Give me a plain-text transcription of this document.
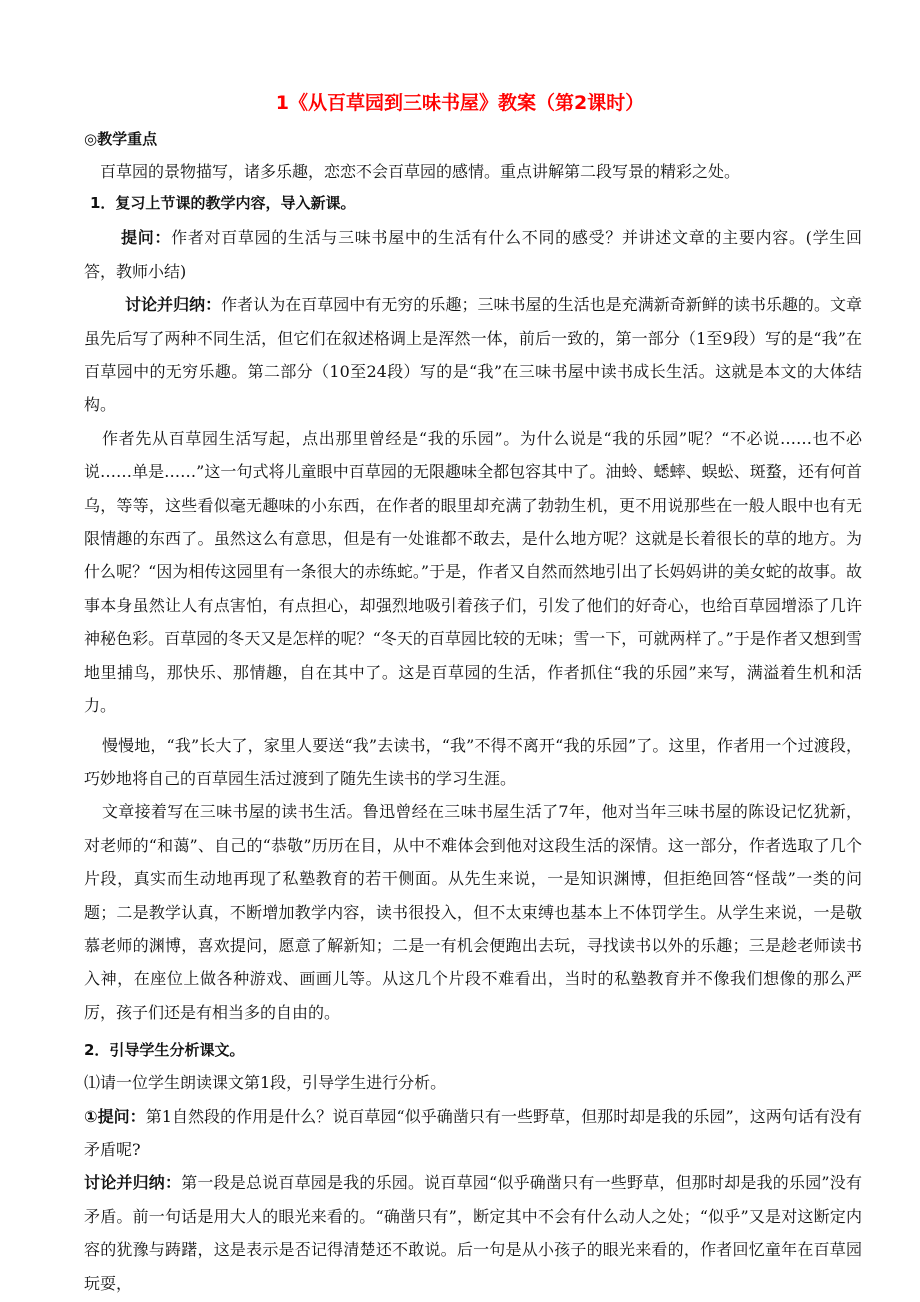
1《从百草园到三味书屋》教案（第2课时）
◎教学重点
百草园的景物描写，诸多乐趣，恋恋不会百草园的感情。重点讲解第二段写景的精彩之处。
1．复习上节课的教学内容，导入新课。
提问：作者对百草园的生活与三味书屋中的生活有什么不同的感受？并讲述文章的主要内容。(学生回答，教师小结)
讨论并归纳：作者认为在百草园中有无穷的乐趣；三味书屋的生活也是充满新奇新鲜的读书乐趣的。文章虽先后写了两种不同生活，但它们在叙述格调上是浑然一体，前后一致的，第一部分（1至9段）写的是“我”在百草园中的无穷乐趣。第二部分（10至24段）写的是“我”在三味书屋中读书成长生活。这就是本文的大体结构。
作者先从百草园生活写起，点出那里曾经是“我的乐园”。为什么说是“我的乐园”呢？“不必说……也不必说……单是……”这一句式将儿童眼中百草园的无限趣味全都包容其中了。油蛉、蟋蟀、蜈蚣、斑蝥，还有何首乌，等等，这些看似毫无趣味的小东西，在作者的眼里却充满了勃勃生机，更不用说那些在一般人眼中也有无限情趣的东西了。虽然这么有意思，但是有一处谁都不敢去，是什么地方呢？这就是长着很长的草的地方。为什么呢？“因为相传这园里有一条很大的赤练蛇。”于是，作者又自然而然地引出了长妈妈讲的美女蛇的故事。故事本身虽然让人有点害怕，有点担心，却强烈地吸引着孩子们，引发了他们的好奇心，也给百草园增添了几许神秘色彩。百草园的冬天又是怎样的呢？“冬天的百草园比较的无味；雪一下，可就两样了。”于是作者又想到雪地里捕鸟，那快乐、那情趣，自在其中了。这是百草园的生活，作者抓住“我的乐园”来写，满溢着生机和活力。
慢慢地，“我”长大了，家里人要送“我”去读书，“我”不得不离开“我的乐园”了。这里，作者用一个过渡段，巧妙地将自己的百草园生活过渡到了随先生读书的学习生涯。
文章接着写在三味书屋的读书生活。鲁迅曾经在三味书屋生活了7年，他对当年三味书屋的陈设记忆犹新，对老师的“和蔼”、自己的“恭敬”历历在目，从中不难体会到他对这段生活的深情。这一部分，作者选取了几个片段，真实而生动地再现了私塾教育的若干侧面。从先生来说，一是知识渊博，但拒绝回答“怪哉”一类的问题；二是教学认真，不断增加教学内容，读书很投入，但不太束缚也基本上不体罚学生。从学生来说，一是敬慕老师的渊博，喜欢提问，愿意了解新知；二是一有机会便跑出去玩，寻找读书以外的乐趣；三是趁老师读书入神，在座位上做各种游戏、画画儿等。从这几个片段不难看出，当时的私塾教育并不像我们想像的那么严厉，孩子们还是有相当多的自由的。
2．引导学生分析课文。
⑴请一位学生朗读课文第1段，引导学生进行分析。
①提问：第1自然段的作用是什么？说百草园“似乎确凿只有一些野草，但那时却是我的乐园”，这两句话有没有矛盾呢?
讨论并归纳：第一段是总说百草园是我的乐园。说百草园“似乎确凿只有一些野草，但那时却是我的乐园”没有矛盾。前一句话是用大人的眼光来看的。“确凿只有”，断定其中不会有什么动人之处；“似乎”又是对这断定内容的犹豫与踌躇，这是表示是否记得清楚还不敢说。后一句是从小孩子的眼光来看的，作者回忆童年在百草园玩耍，
